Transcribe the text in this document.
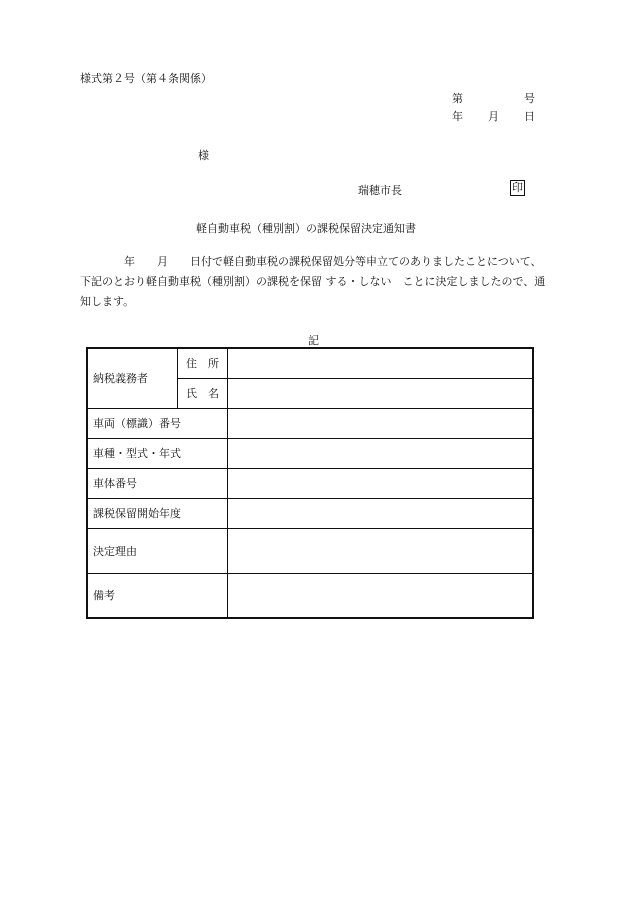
様式第２号（第４条関係）
第	号
年 月 日
様
瑞穂市長	印
軽自動車税（種別割）の課税保留決定通知書
　　　　年　　月　　日付で軽自動車税の課税保留処分等申立てのありましたことについて、下記のとおり軽自動車税（種別割）の課税を保留 する・しない　ことに決定しましたので、通知します。
記
納税義務者	住　所	
	氏　名	
車両（標識）番号		
車種・型式・年式		
車体番号		
課税保留開始年度		
決定理由		
備考		
